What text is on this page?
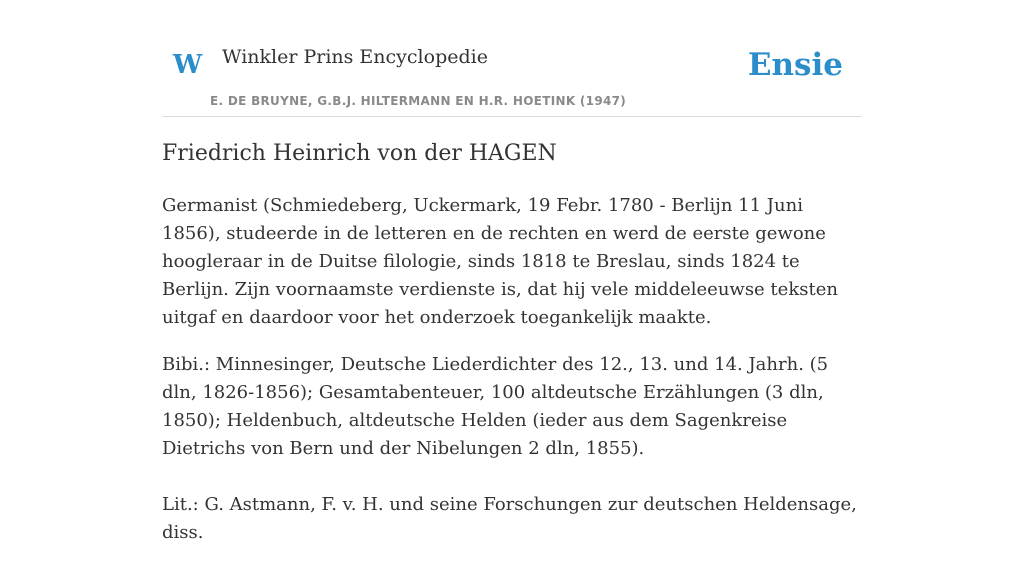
W Winkler Prins Encyclopedie
E. DE BRUYNE, G.B.J. HILTERMANN EN H.R. HOETINK (1947)
Ensie
Friedrich Heinrich von der HAGEN

Germanist (Schmiedeberg, Uckermark, 19 Febr. 1780 - Berlijn 11 Juni 1856), studeerde in de letteren en de rechten en werd de eerste gewone hoogleraar in de Duitse filologie, sinds 1818 te Breslau, sinds 1824 te Berlijn. Zijn voornaamste verdienste is, dat hij vele middeleeuwse teksten uitgaf en daardoor voor het onderzoek toegankelijk maakte.

Bibi.: Minnesinger, Deutsche Liederdichter des 12., 13. und 14. Jahrh. (5 dln, 1826-1856); Gesamtabenteuer, 100 altdeutsche Erzählungen (3 dln, 1850); Heldenbuch, altdeutsche Helden (ieder aus dem Sagenkreise Dietrichs von Bern und der Nibelungen 2 dln, 1855).

Lit.: G. Astmann, F. v. H. und seine Forschungen zur deutschen Heldensage, diss.
